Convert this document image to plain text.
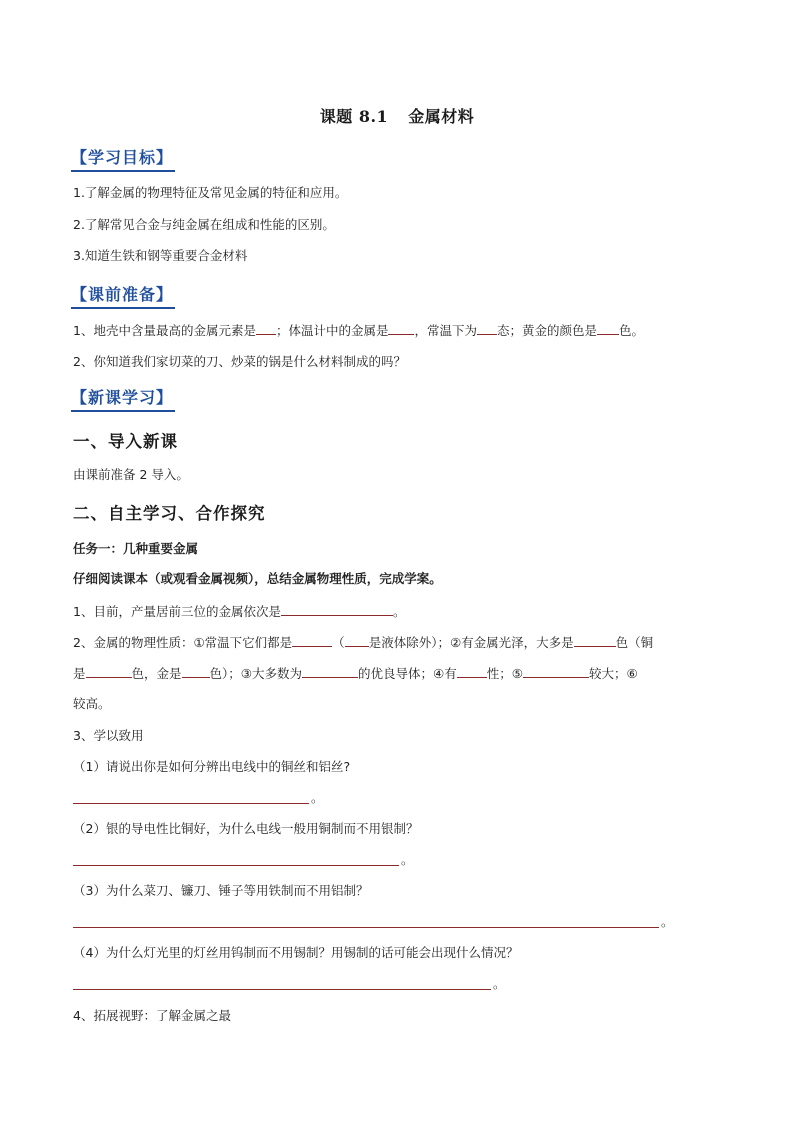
课题 8.1 金属材料
【学习目标】
1.了解金属的物理特征及常见金属的特征和应用。
2.了解常见合金与纯金属在组成和性能的区别。
3.知道生铁和钢等重要合金材料
【课前准备】
1、地壳中含量最高的金属元素是 ；体温计中的金属是 ，常温下为 态；黄金的颜色是 色。
2、你知道我们家切菜的刀、炒菜的锅是什么材料制成的吗？
【新课学习】
一、导入新课
由课前准备 2 导入。
二、自主学习、合作探究
任务一：几种重要金属
仔细阅读课本（或观看金属视频），总结金属物理性质，完成学案。
1、目前，产量居前三位的金属依次是	。
2、金属的物理性质：①常温下它们都是	（ 是液体除外）；②有金属光泽，大多是	色（铜
是	色，金是 色）；③大多数为	的优良导体；④有 性；⑤	较大；⑥
较高。
3、学以致用
（1）请说出你是如何分辨出电线中的铜丝和铝丝?
。
（2）银的导电性比铜好，为什么电线一般用铜制而不用银制？
。
（3）为什么菜刀、镰刀、锤子等用铁制而不用铝制？
。
（4）为什么灯光里的灯丝用钨制而不用锡制？用锡制的话可能会出现什么情况？
。
4、拓展视野：了解金属之最
